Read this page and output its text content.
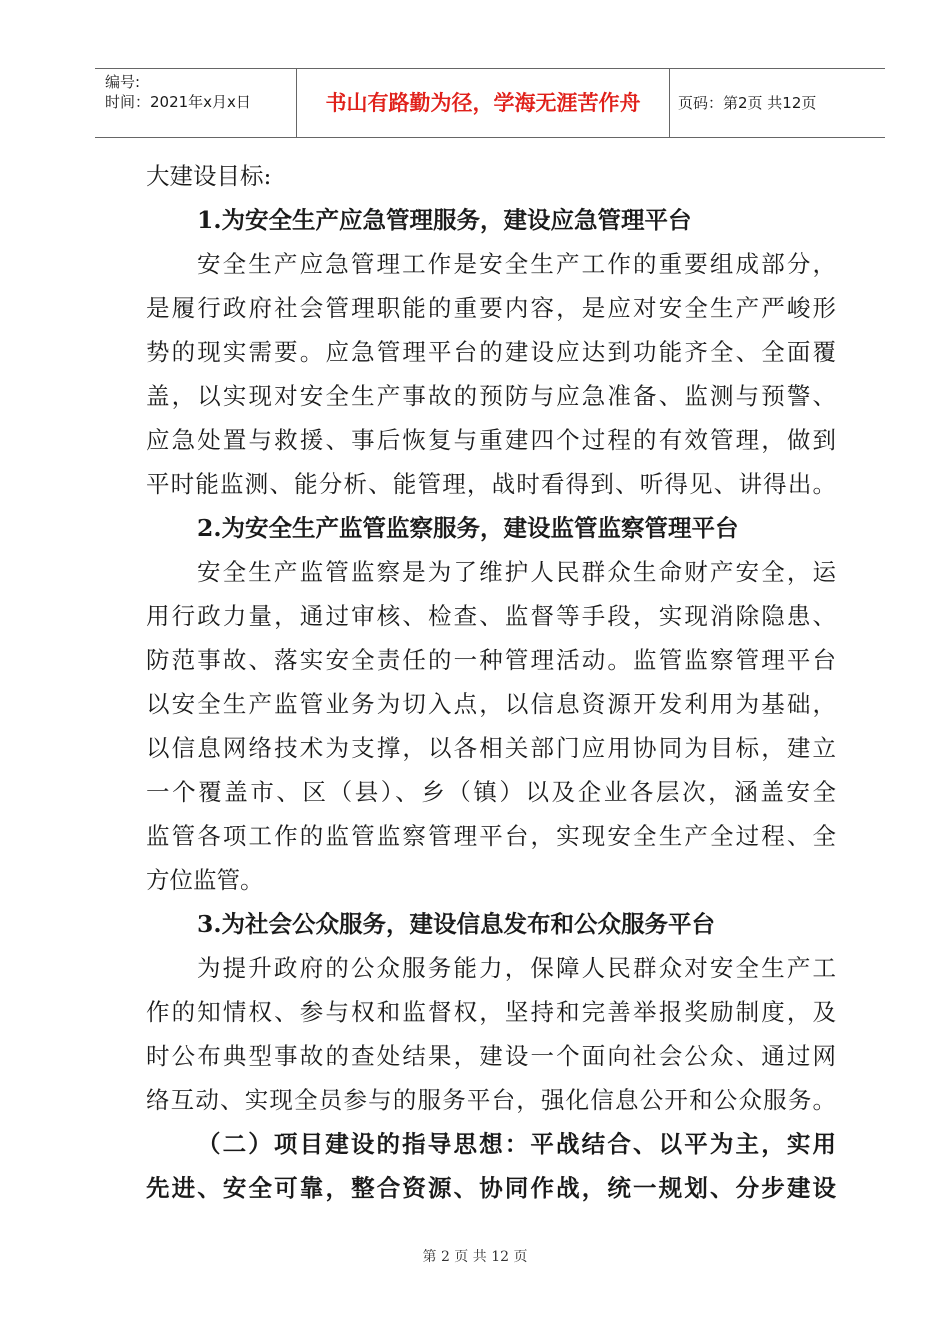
编号:
时间：2021年x月x日	书山有路勤为径，学海无涯苦作舟	页码：第2页 共12页
大建设目标:
1.为安全生产应急管理服务，建设应急管理平台
安全生产应急管理工作是安全生产工作的重要组成部分，
是履行政府社会管理职能的重要内容，是应对安全生产严峻形
势的现实需要。应急管理平台的建设应达到功能齐全、全面覆
盖，以实现对安全生产事故的预防与应急准备、监测与预警、
应急处置与救援、事后恢复与重建四个过程的有效管理，做到
平时能监测、能分析、能管理，战时看得到、听得见、讲得出。
2.为安全生产监管监察服务，建设监管监察管理平台
安全生产监管监察是为了维护人民群众生命财产安全，运
用行政力量，通过审核、检查、监督等手段，实现消除隐患、
防范事故、落实安全责任的一种管理活动。监管监察管理平台
以安全生产监管业务为切入点，以信息资源开发利用为基础，
以信息网络技术为支撑，以各相关部门应用协同为目标，建立
一个覆盖市、区（县）、乡（镇）以及企业各层次，涵盖安全
监管各项工作的监管监察管理平台，实现安全生产全过程、全
方位监管。
3.为社会公众服务，建设信息发布和公众服务平台
为提升政府的公众服务能力，保障人民群众对安全生产工
作的知情权、参与权和监督权，坚持和完善举报奖励制度，及
时公布典型事故的查处结果，建设一个面向社会公众、通过网
络互动、实现全员参与的服务平台，强化信息公开和公众服务。
（二）项目建设的指导思想：平战结合、以平为主，实用
先进、安全可靠，整合资源、协同作战，统一规划、分步建设
第 2 页 共 12 页
